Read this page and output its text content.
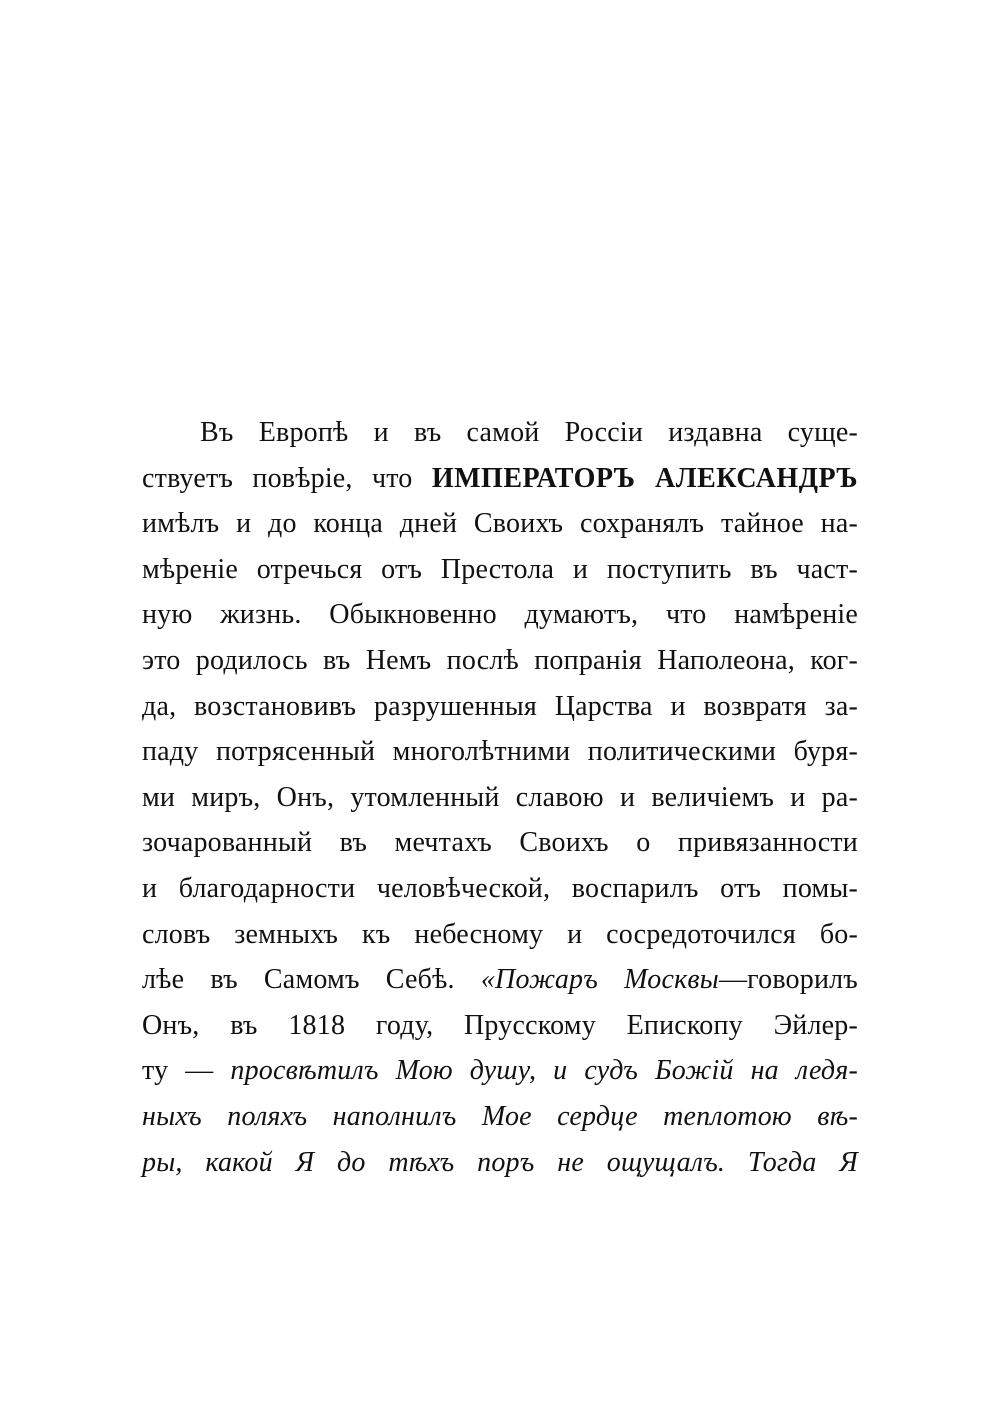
Въ Европѣ и въ самой Россіи издавна суще-
ствуетъ повѣріе, что ИМПЕРАТОРЪ АЛЕКСАНДРЪ
имѣлъ и до конца дней Своихъ сохранялъ тайное на-
мѣреніе отречься отъ Престола и поступить въ част-
ную жизнь. Обыкновенно думаютъ, что намѣреніе
это родилось въ Немъ послѣ попранія Наполеона, ког-
да, возстановивъ разрушенныя Царства и возвратя за-
паду потрясенный многолѣтними политическими буря-
ми миръ, Онъ, утомленный славою и величіемъ и ра-
зочарованный въ мечтахъ Своихъ о привязанности
и благодарности человѣческой, воспарилъ отъ помы-
словъ земныхъ къ небесному и сосредоточился бо-
лѣе въ Самомъ Себѣ. «Пожаръ Москвы—говорилъ
Онъ, въ 1818 году, Прусскому Епископу Эйлер-
ту — просвѣтилъ Мою душу, и судъ Божій на ледя-
ныхъ поляхъ наполнилъ Мое сердце теплотою вѣ-
ры, какой Я до тѣхъ поръ не ощущалъ. Тогда Я
